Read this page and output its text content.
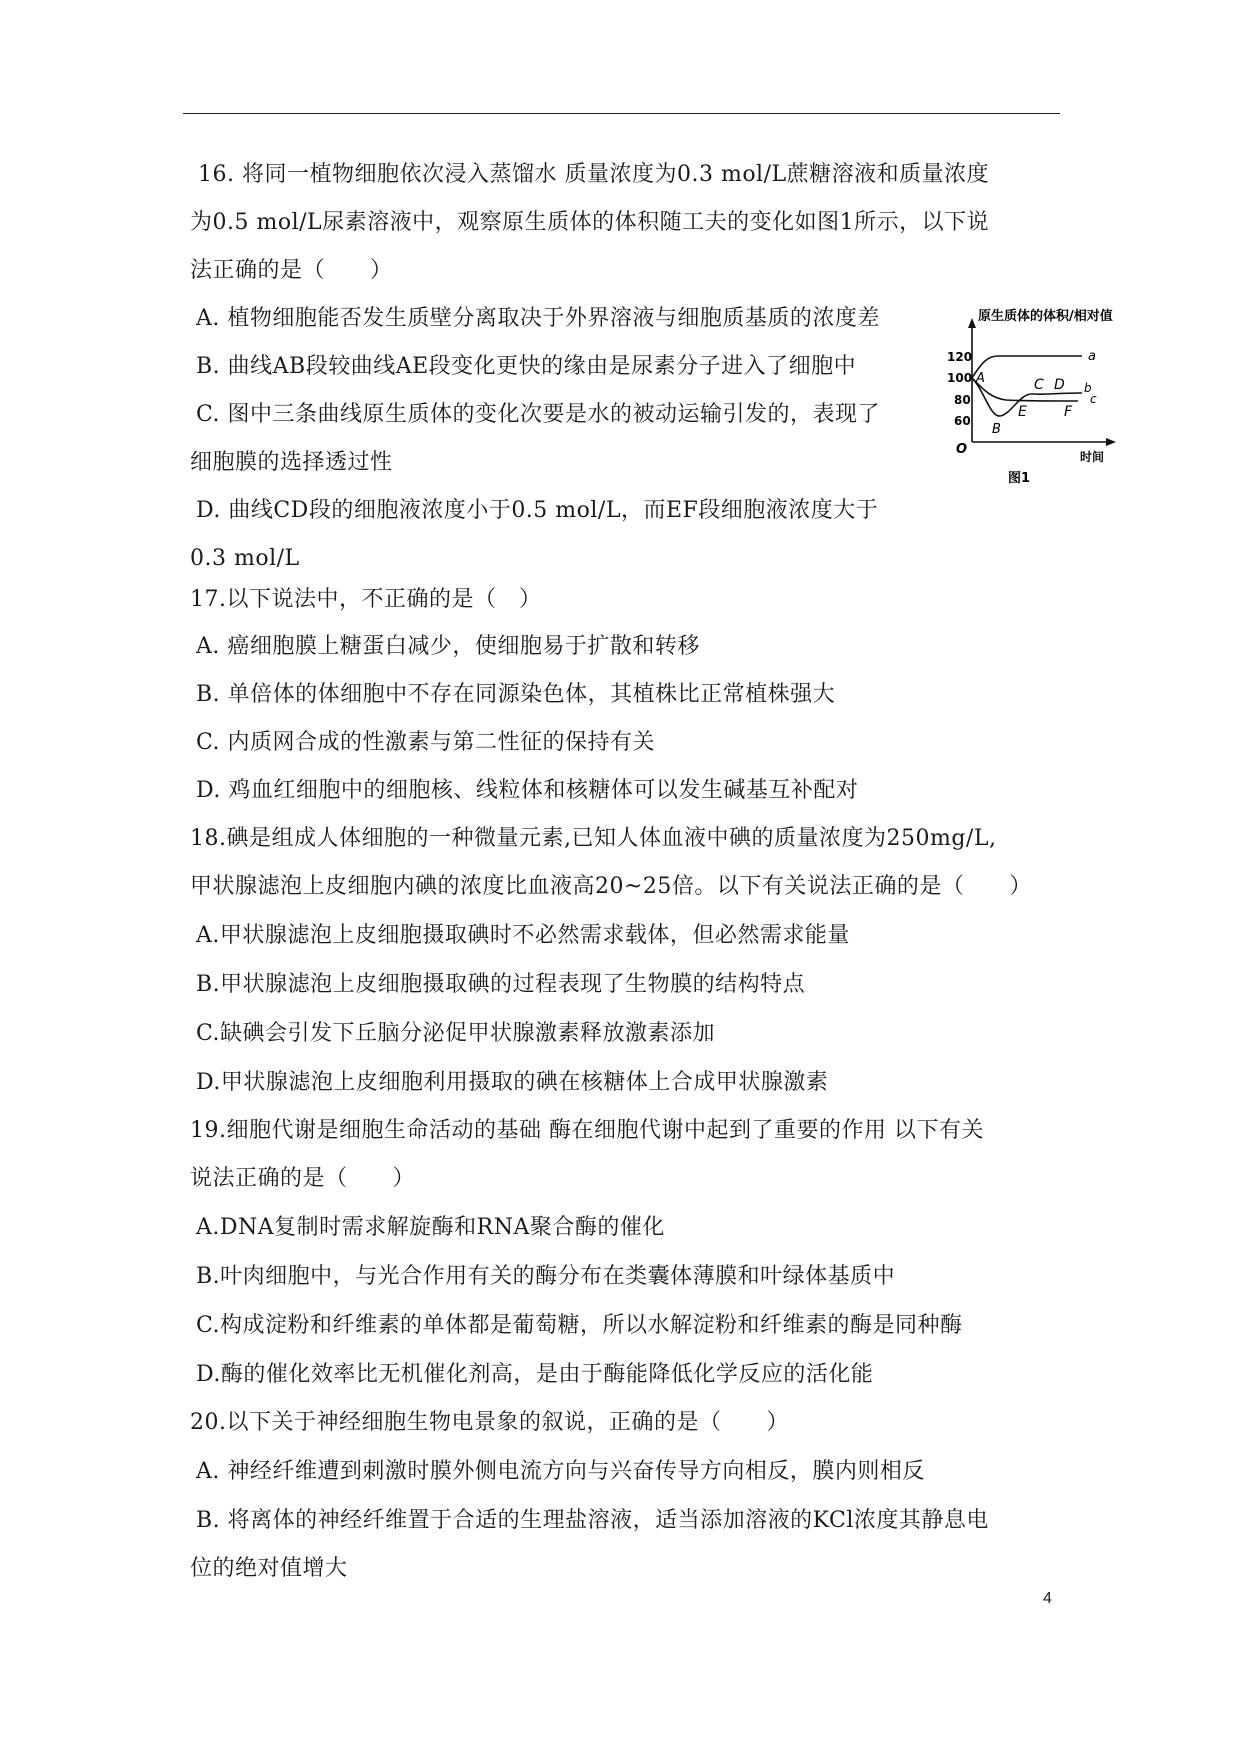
16. 将同一植物细胞依次浸入蒸馏水 质量浓度为0.3 mol/L蔗糖溶液和质量浓度
为0.5 mol/L尿素溶液中，观察原生质体的体积随工夫的变化如图1所示，以下说
法正确的是（　　）
A. 植物细胞能否发生质壁分离取决于外界溶液与细胞质基质的浓度差
B. 曲线AB段较曲线AE段变化更快的缘由是尿素分子进入了细胞中
C. 图中三条曲线原生质体的变化次要是水的被动运输引发的，表现了
细胞膜的选择透过性
D. 曲线CD段的细胞液浓度小于0.5 mol/L，而EF段细胞液浓度大于
0.3 mol/L
原生质体的体积/相对值
120
100
80
60
O	时间
a
b
c
A
B
C D
E	F
图1
17.以下说法中，不正确的是（　）
A. 癌细胞膜上糖蛋白减少，使细胞易于扩散和转移
B. 单倍体的体细胞中不存在同源染色体，其植株比正常植株强大
C. 内质网合成的性激素与第二性征的保持有关
D. 鸡血红细胞中的细胞核、线粒体和核糖体可以发生碱基互补配对
18.碘是组成人体细胞的一种微量元素,已知人体血液中碘的质量浓度为250mg/L,
甲状腺滤泡上皮细胞内碘的浓度比血液高20~25倍。以下有关说法正确的是（　　）
A.甲状腺滤泡上皮细胞摄取碘时不必然需求载体，但必然需求能量
B.甲状腺滤泡上皮细胞摄取碘的过程表现了生物膜的结构特点
C.缺碘会引发下丘脑分泌促甲状腺激素释放激素添加
D.甲状腺滤泡上皮细胞利用摄取的碘在核糖体上合成甲状腺激素
19.细胞代谢是细胞生命活动的基础 酶在细胞代谢中起到了重要的作用 以下有关
说法正确的是（　　）
A.DNA复制时需求解旋酶和RNA聚合酶的催化
B.叶肉细胞中，与光合作用有关的酶分布在类囊体薄膜和叶绿体基质中
C.构成淀粉和纤维素的单体都是葡萄糖，所以水解淀粉和纤维素的酶是同种酶
D.酶的催化效率比无机催化剂高，是由于酶能降低化学反应的活化能
20.以下关于神经细胞生物电景象的叙说，正确的是（　　）
A. 神经纤维遭到刺激时膜外侧电流方向与兴奋传导方向相反，膜内则相反
B. 将离体的神经纤维置于合适的生理盐溶液，适当添加溶液的KCl浓度其静息电
位的绝对值增大
4
